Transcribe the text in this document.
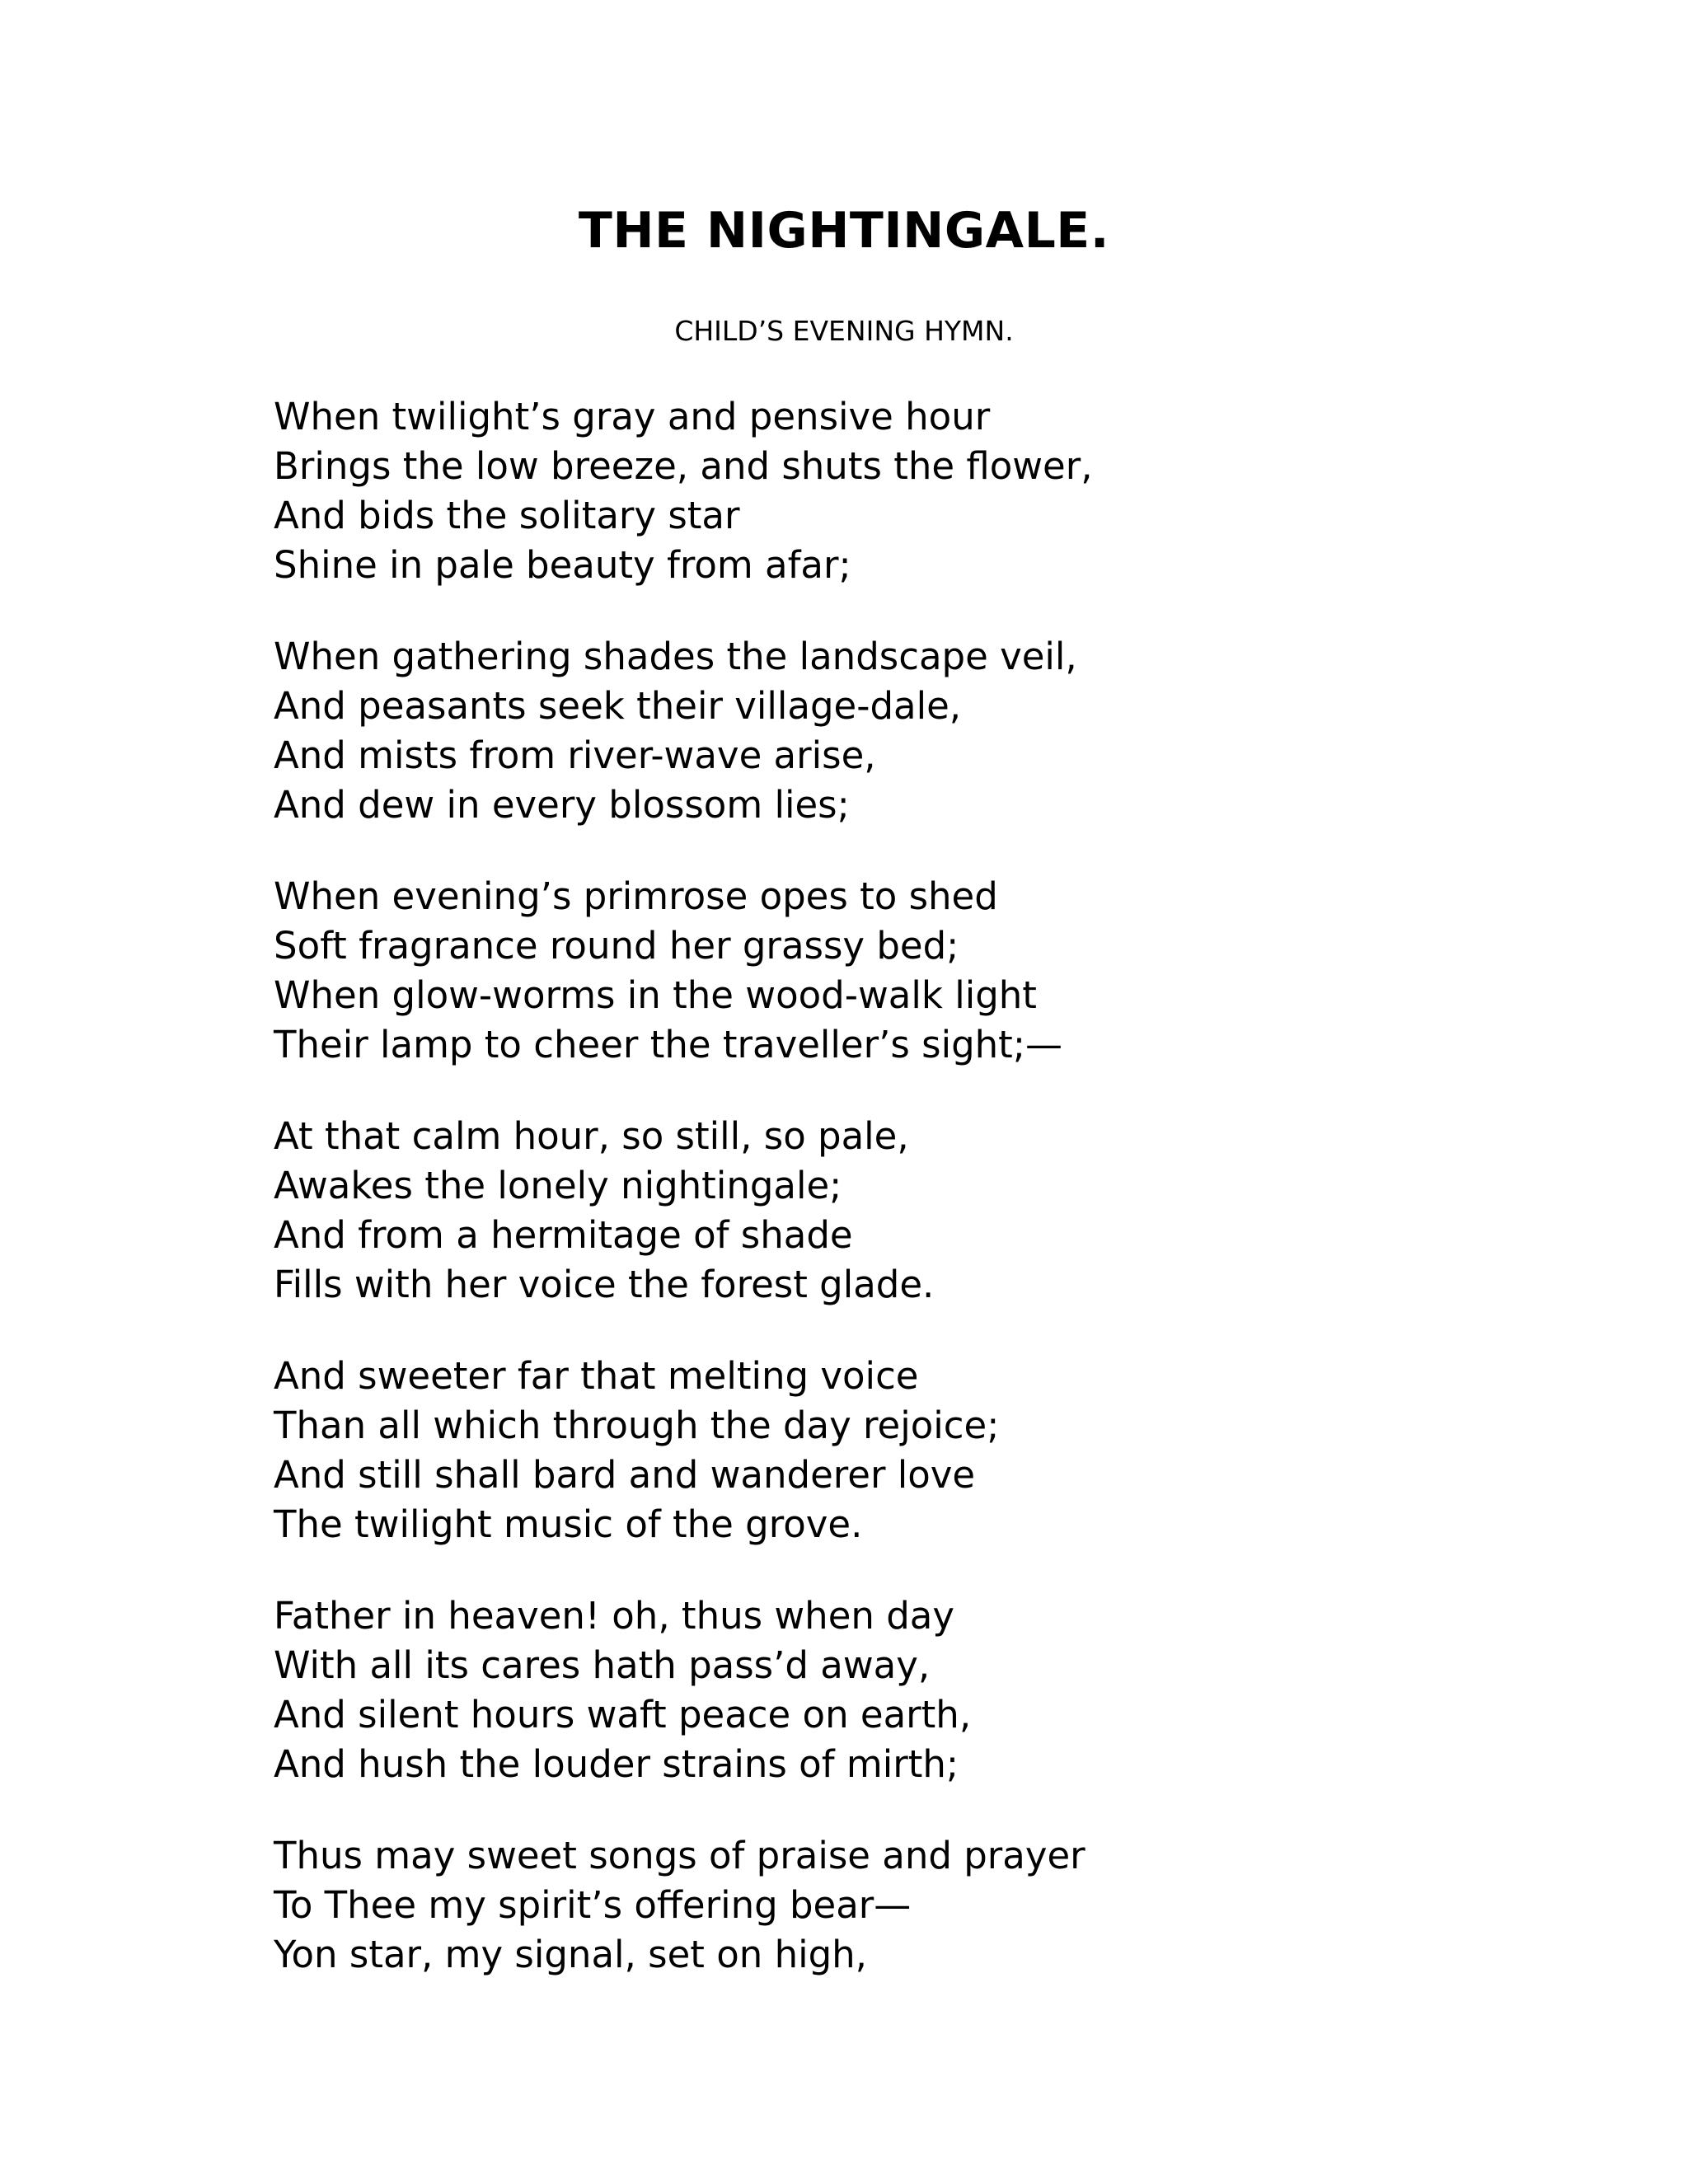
THE NIGHTINGALE.

CHILD’S EVENING HYMN.

When twilight’s gray and pensive hour
Brings the low breeze, and shuts the flower,
And bids the solitary star
Shine in pale beauty from afar;
When gathering shades the landscape veil,
And peasants seek their village-dale,
And mists from river-wave arise,
And dew in every blossom lies;
When evening’s primrose opes to shed
Soft fragrance round her grassy bed;
When glow-worms in the wood-walk light
Their lamp to cheer the traveller’s sight;—
At that calm hour, so still, so pale,
Awakes the lonely nightingale;
And from a hermitage of shade
Fills with her voice the forest glade.
And sweeter far that melting voice
Than all which through the day rejoice;
And still shall bard and wanderer love
The twilight music of the grove.
Father in heaven! oh, thus when day
With all its cares hath pass’d away,
And silent hours waft peace on earth,
And hush the louder strains of mirth;
Thus may sweet songs of praise and prayer
To Thee my spirit’s offering bear—
Yon star, my signal, set on high,
